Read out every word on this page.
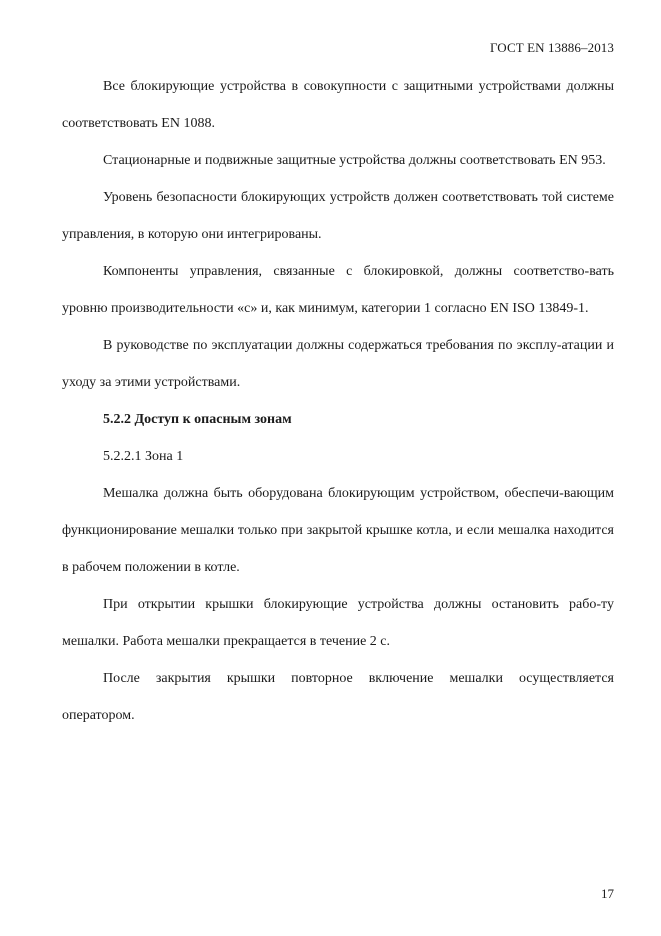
ГОСТ EN 13886–2013

Все блокирующие устройства в совокупности с защитными устройствами должны соответствовать EN 1088.

Стационарные и подвижные защитные устройства должны соответствовать EN 953.

Уровень безопасности блокирующих устройств должен соответствовать той системе управления, в которую они интегрированы.

Компоненты управления, связанные с блокировкой, должны соответство-вать уровню производительности «с» и, как минимум, категории 1 согласно EN ISO 13849-1.

В руководстве по эксплуатации должны содержаться требования по эксплу-атации и уходу за этими устройствами.

5.2.2 Доступ к опасным зонам

5.2.2.1 Зона 1

Мешалка должна быть оборудована блокирующим устройством, обеспечи-вающим функционирование мешалки только при закрытой крышке котла, и если мешалка находится в рабочем положении в котле.

При открытии крышки блокирующие устройства должны остановить рабо-ту мешалки. Работа мешалки прекращается в течение 2 с.

После закрытия крышки повторное включение мешалки осуществляется оператором.

17
